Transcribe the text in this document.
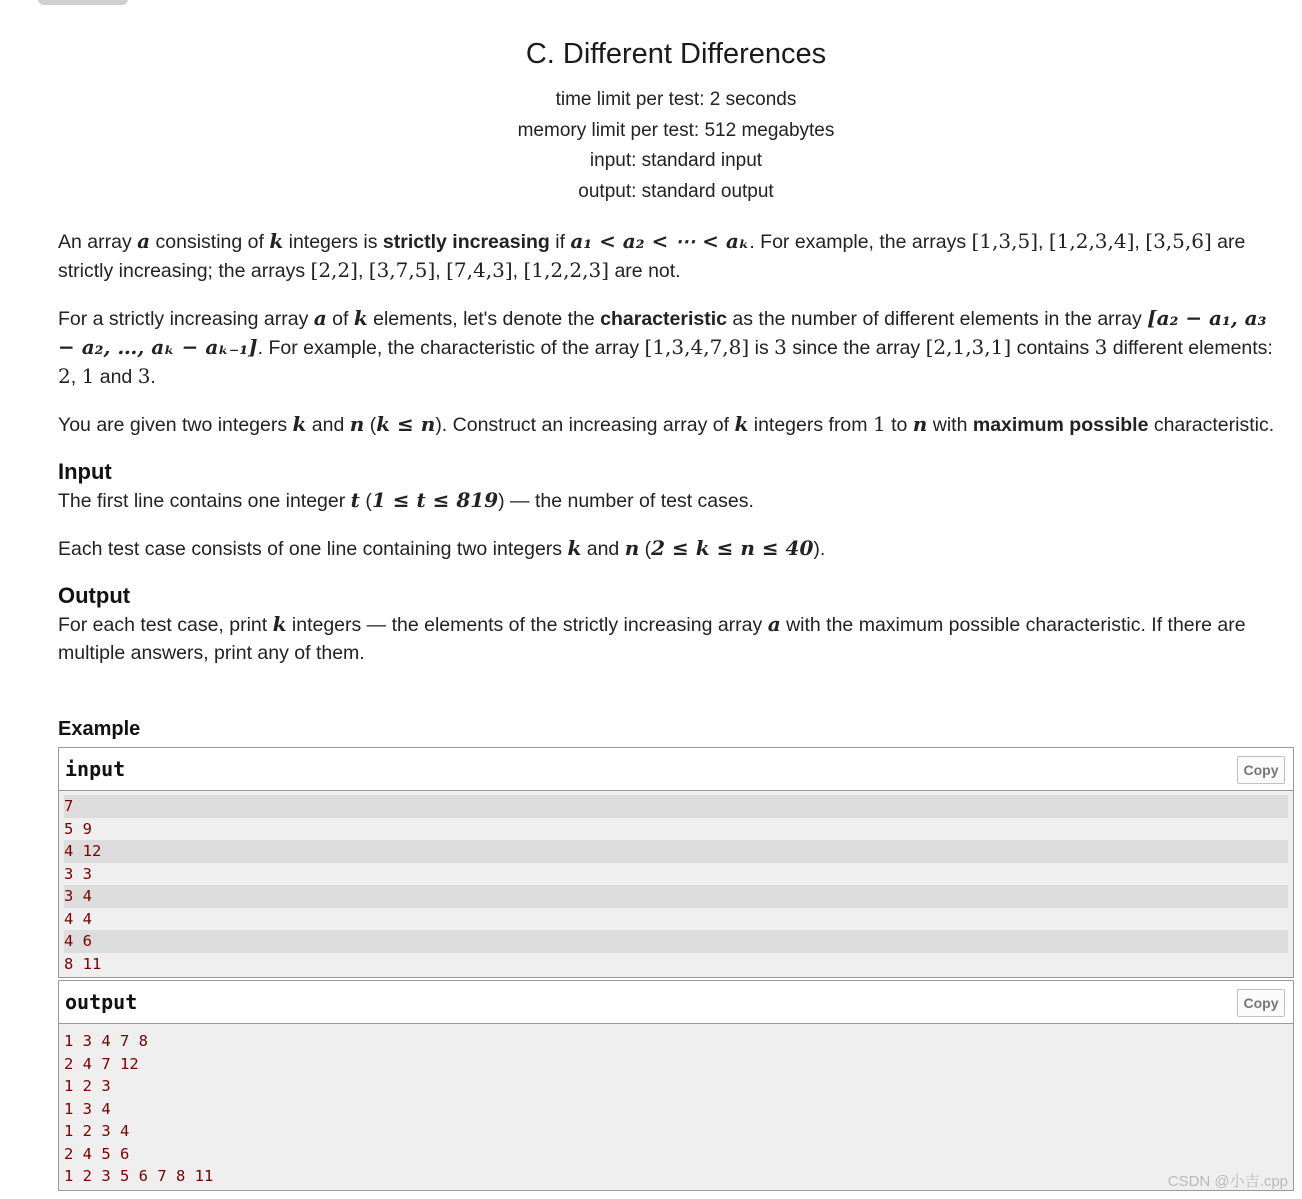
C. Different Differences
time limit per test: 2 seconds
memory limit per test: 512 megabytes
input: standard input
output: standard output

An array a consisting of k integers is strictly increasing if a₁ < a₂ < ⋯ < aₖ. For example, the arrays [1,3,5], [1,2,3,4], [3,5,6] are strictly increasing; the arrays [2,2], [3,7,5], [7,4,3], [1,2,2,3] are not.

For a strictly increasing array a of k elements, let's denote the characteristic as the number of different elements in the array [a₂ − a₁, a₃ − a₂, …, aₖ − aₖ₋₁]. For example, the characteristic of the array [1,3,4,7,8] is 3 since the array [2,1,3,1] contains 3 different elements: 2, 1 and 3.

You are given two integers k and n (k ≤ n). Construct an increasing array of k integers from 1 to n with maximum possible characteristic.

Input

The first line contains one integer t (1 ≤ t ≤ 819) — the number of test cases.

Each test case consists of one line containing two integers k and n (2 ≤ k ≤ n ≤ 40).

Output

For each test case, print k integers — the elements of the strictly increasing array a with the maximum possible characteristic. If there are multiple answers, print any of them.

Example
input	Copy
7
5 9
4 12
3 3
3 4
4 4
4 6
8 11
output	Copy
1 3 4 7 8
2 4 7 12
1 2 3
1 3 4
1 2 3 4
2 4 5 6
1 2 3 5 6 7 8 11	CSDN @小吉.cpp
